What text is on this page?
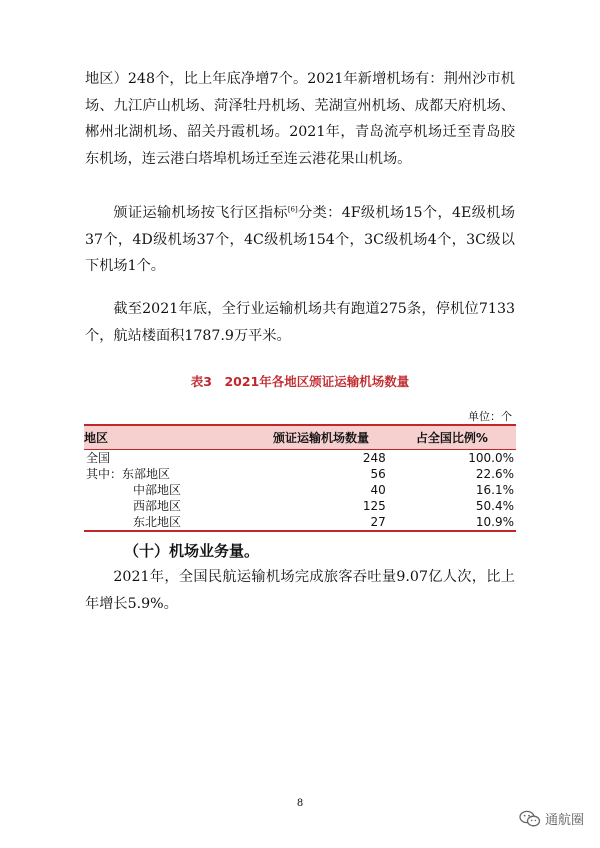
地区）248个，比上年底净增7个。2021年新增机场有：荆州沙市机场、九江庐山机场、菏泽牡丹机场、芜湖宣州机场、成都天府机场、郴州北湖机场、韶关丹霞机场。2021年，青岛流亭机场迁至青岛胶东机场，连云港白塔埠机场迁至连云港花果山机场。

颁证运输机场按飞行区指标[6]分类：4F级机场15个，4E级机场37个，4D级机场37个，4C级机场154个，3C级机场4个，3C级以下机场1个。

截至2021年底，全行业运输机场共有跑道275条，停机位7133个，航站楼面积1787.9万平米。

表3　2021年各地区颁证运输机场数量
单位：个
地区	颁证运输机场数量	占全国比例%
全国	248	100.0%
其中：东部地区	56	22.6%
中部地区	40	16.1%
西部地区	125	50.4%
东北地区	27	10.9%

（十）机场业务量。

2021年，全国民航运输机场完成旅客吞吐量9.07亿人次，比上年增长5.9%。

8
通航圈
